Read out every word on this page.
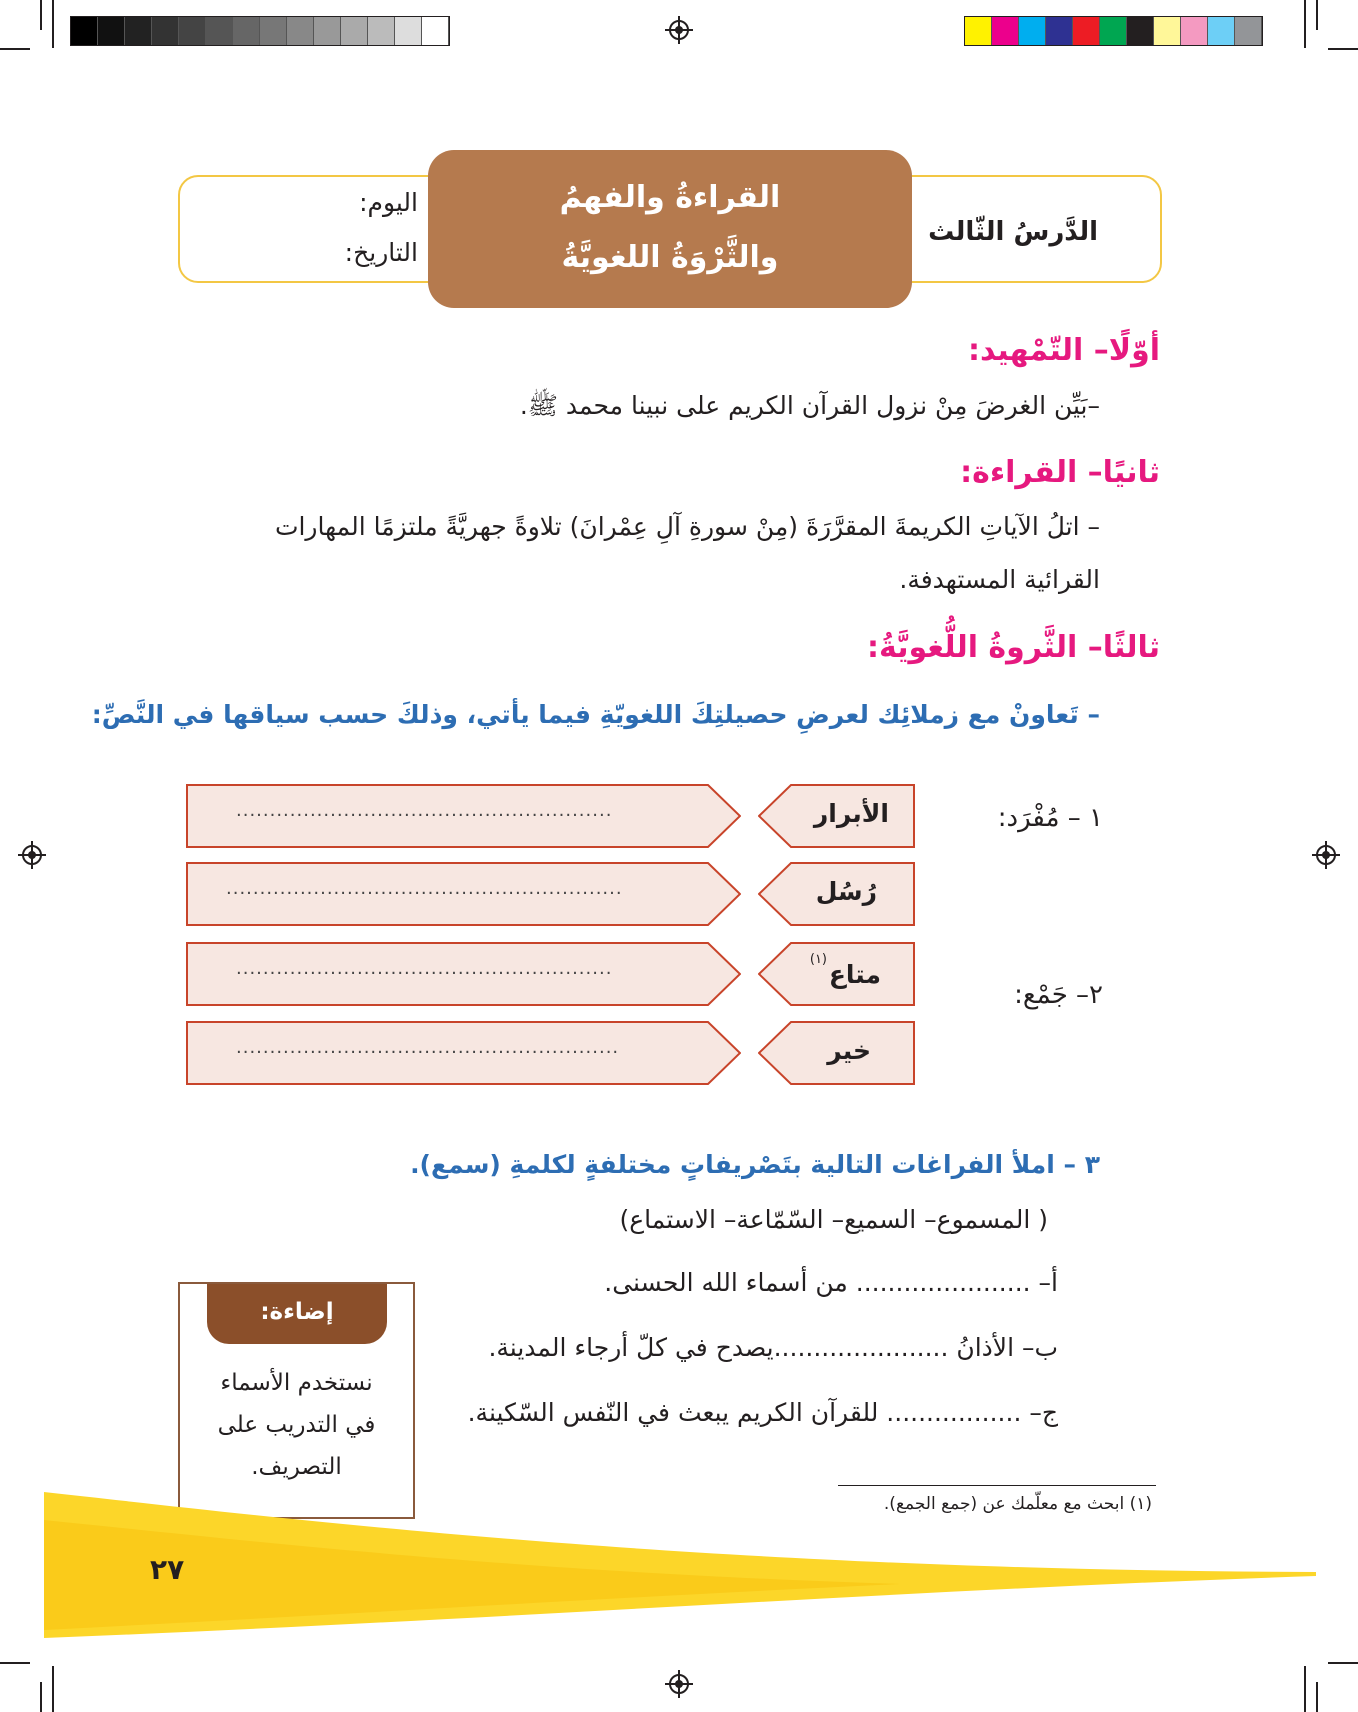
القراءةُ والفهمُ
والثَّرْوَةُ اللغويَّةُ
الدَّرسُ الثّالث
اليوم:
التاريخ:
أوّلًا– التّمْهيد:
–بَيِّن الغرضَ مِنْ نزول القرآن الكريم على نبينا محمد ﷺ.
ثانيًا– القراءة:
– اتلُ الآياتِ الكريمةَ المقرَّرَةَ (مِنْ سورةِ آلِ عِمْرانَ) تلاوةً جهريَّةً ملتزمًا المهارات
القرائية المستهدفة.
ثالثًا– الثَّروةُ اللُّغويَّةُ:
– تَعاونْ مع زملائِك لعرضِ حصيلتِكَ اللغويّةِ فيما يأتي، وذلكَ حسب سياقها في النَّصِّ:
١ – مُفْرَد:
٢– جَمْع:
الأبرار
........................................................
رُسُل
...........................................................
متاع
(١)
........................................................
خير
.........................................................
٣ – املأ الفراغات التالية بتَصْريفاتٍ مختلفةٍ لكلمةِ (سمع).
( المسموع– السميع– السّمّاعة– الاستماع)
أ– ...................... من أسماء الله الحسنى.
ب– الأذانُ ......................يصدح في كلّ أرجاء المدينة.
ج– ................. للقرآن الكريم يبعث في النّفس السّكينة.
إضاءة:
نستخدم الأسماء
في التدريب على
التصريف.
(١) ابحث مع معلّمك عن (جمع الجمع).
٢٧
